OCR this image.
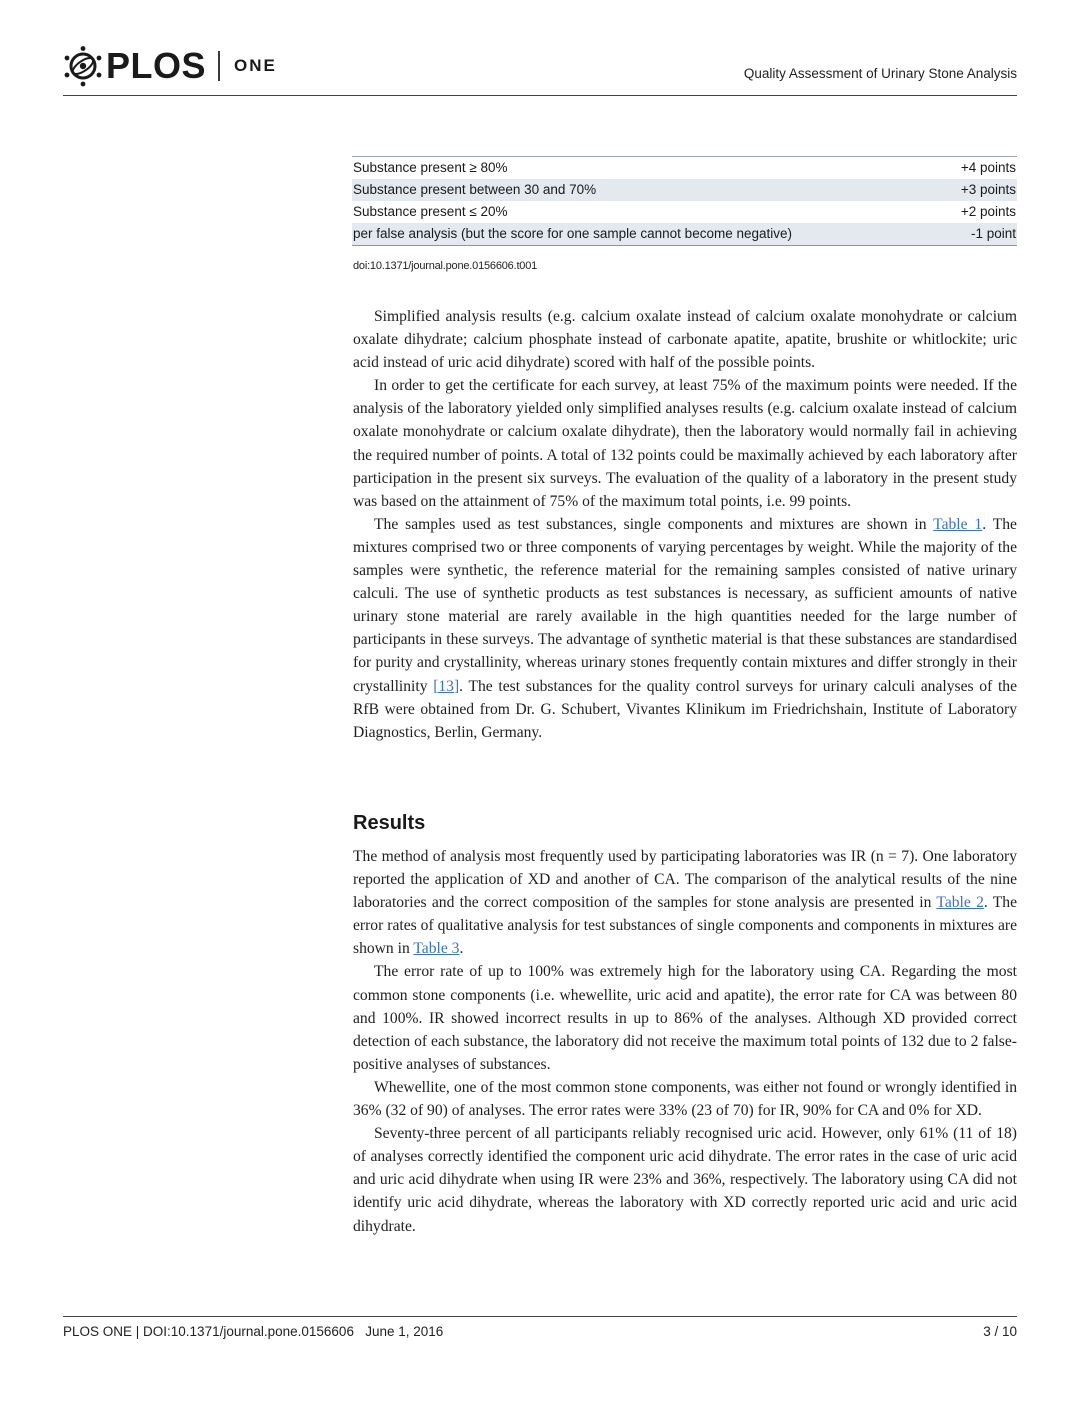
PLOS ONE	Quality Assessment of Urinary Stone Analysis
Substance present ≥ 80%	+4 points
Substance present between 30 and 70%	+3 points
Substance present ≤ 20%	+2 points
per false analysis (but the score for one sample cannot become negative)	-1 point
doi:10.1371/journal.pone.0156606.t001

Simplified analysis results (e.g. calcium oxalate instead of calcium oxalate monohydrate or calcium oxalate dihydrate; calcium phosphate instead of carbonate apatite, apatite, brushite or whitlockite; uric acid instead of uric acid dihydrate) scored with half of the possible points.

In order to get the certificate for each survey, at least 75% of the maximum points were needed. If the analysis of the laboratory yielded only simplified analyses results (e.g. calcium oxalate instead of calcium oxalate monohydrate or calcium oxalate dihydrate), then the laboratory would normally fail in achieving the required number of points. A total of 132 points could be maximally achieved by each laboratory after participation in the present six surveys. The evaluation of the quality of a laboratory in the present study was based on the attainment of 75% of the maximum total points, i.e. 99 points.

The samples used as test substances, single components and mixtures are shown in Table 1. The mixtures comprised two or three components of varying percentages by weight. While the majority of the samples were synthetic, the reference material for the remaining samples consisted of native urinary calculi. The use of synthetic products as test substances is necessary, as sufficient amounts of native urinary stone material are rarely available in the high quantities needed for the large number of participants in these surveys. The advantage of synthetic material is that these substances are standardised for purity and crystallinity, whereas urinary stones frequently contain mixtures and differ strongly in their crystallinity [13]. The test substances for the quality control surveys for urinary calculi analyses of the RfB were obtained from Dr. G. Schubert, Vivantes Klinikum im Friedrichshain, Institute of Laboratory Diagnostics, Berlin, Germany.

Results

The method of analysis most frequently used by participating laboratories was IR (n = 7). One laboratory reported the application of XD and another of CA. The comparison of the analytical results of the nine laboratories and the correct composition of the samples for stone analysis are presented in Table 2. The error rates of qualitative analysis for test substances of single components and components in mixtures are shown in Table 3.

The error rate of up to 100% was extremely high for the laboratory using CA. Regarding the most common stone components (i.e. whewellite, uric acid and apatite), the error rate for CA was between 80 and 100%. IR showed incorrect results in up to 86% of the analyses. Although XD provided correct detection of each substance, the laboratory did not receive the maximum total points of 132 due to 2 false-positive analyses of substances.

Whewellite, one of the most common stone components, was either not found or wrongly identified in 36% (32 of 90) of analyses. The error rates were 33% (23 of 70) for IR, 90% for CA and 0% for XD.

Seventy-three percent of all participants reliably recognised uric acid. However, only 61% (11 of 18) of analyses correctly identified the component uric acid dihydrate. The error rates in the case of uric acid and uric acid dihydrate when using IR were 23% and 36%, respectively. The laboratory using CA did not identify uric acid dihydrate, whereas the laboratory with XD correctly reported uric acid and uric acid dihydrate.

PLOS ONE | DOI:10.1371/journal.pone.0156606   June 1, 2016	3 / 10
